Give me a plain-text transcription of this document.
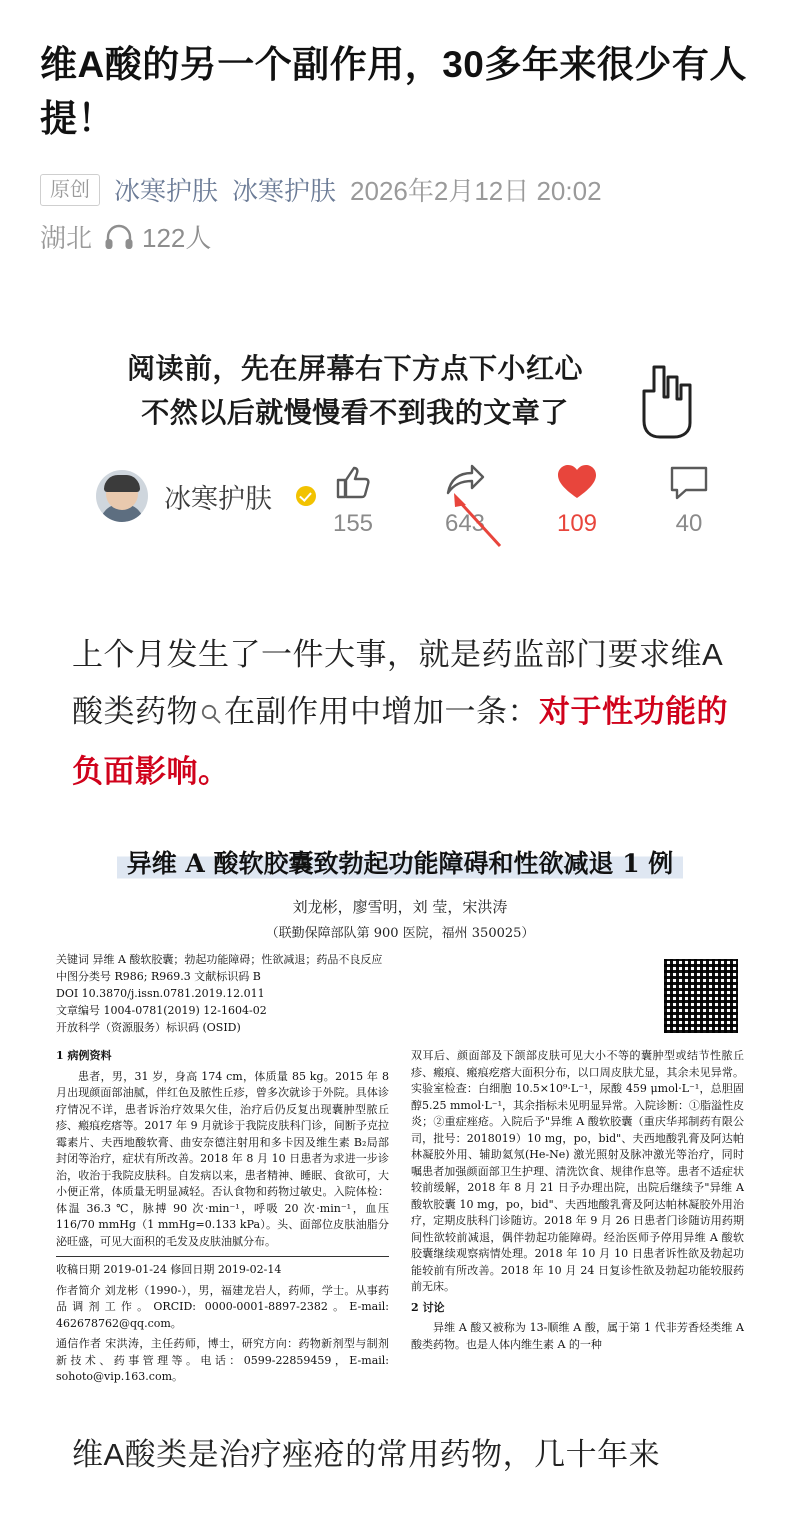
维A酸的另一个副作用，30多年来很少有人提！
原创 冰寒护肤 冰寒护肤 2026年2月12日 20:02
湖北 122人
阅读前，先在屏幕右下方点下小红心
不然以后就慢慢看不到我的文章了
冰寒护肤
155	643	109	40
上个月发生了一件大事，就是药监部门要求维A酸类药物 在副作用中增加一条：对于性功能的负面影响。
异维 A 酸软胶囊致勃起功能障碍和性欲减退 1 例
刘龙彬，廖雪明，刘 莹，宋洪涛
（联勤保障部队第 900 医院，福州 350025）
关键词 异维 A 酸软胶囊；勃起功能障碍；性欲减退；药品不良反应
中图分类号 R986; R969.3 文献标识码 B
DOI 10.3870/j.issn.0781.2019.12.011
文章编号 1004-0781(2019) 12-1604-02
开放科学（资源服务）标识码 (OSID)

1 病例资料

患者，男，31 岁，身高 174 cm，体质量 85 kg。2015 年 8 月出现颜面部油腻，伴红色及脓性丘疹，曾多次就诊于外院。具体诊疗情况不详，患者诉治疗效果欠佳，治疗后仍反复出现囊肿型脓丘疹、瘢痕疙瘩等。2017 年 9 月就诊于我院皮肤科门诊，间断予克拉霉素片、夫西地酸软膏、曲安奈德注射用和多卡因及维生素 B₂局部封闭等治疗，症状有所改善。2018 年 8 月 10 日患者为求进一步诊治，收治于我院皮肤科。自发病以来，患者精神、睡眠、食欲可，大小便正常，体质量无明显减轻。否认食物和药物过敏史。入院体检：体温 36.3 ℃，脉搏 90 次·min⁻¹，呼吸 20 次·min⁻¹，血压 116/70 mmHg（1 mmHg=0.133 kPa）。头、面部位皮肤油脂分泌旺盛，可见大面积的毛发及皮肤油腻分布。

收稿日期 2019-01-24 修回日期 2019-02-14

作者简介 刘龙彬（1990-），男，福建龙岩人，药师，学士。从事药品调剂工作。ORCID: 0000-0001-8897-2382。E-mail: 462678762@qq.com。

通信作者 宋洪涛，主任药师，博士，研究方向：药物新剂型与制剂新技术、药事管理等。电话：0599-22859459，E-mail: sohoto@vip.163.com。

双耳后、颜面部及下颌部皮肤可见大小不等的囊肿型或结节性脓丘疹、瘢痕、瘢痕疙瘩大面积分布，以口周皮肤尤显，其余未见异常。实验室检查：白细胞 10.5×10⁹·L⁻¹，尿酸 459 μmol·L⁻¹，总胆固醇5.25 mmol·L⁻¹，其余指标未见明显异常。入院诊断：①脂溢性皮炎；②重症痤疮。入院后予"异维 A 酸软胶囊（重庆华邦制药有限公司，批号：2018019）10 mg，po，bid"、夫西地酸乳膏及阿达帕林凝胶外用、辅助氦氖(He-Ne) 激光照射及脉冲激光等治疗，同时嘱患者加强颜面部卫生护理、清洗饮食、规律作息等。患者不适症状较前缓解，2018 年 8 月 21 日予办理出院，出院后继续予"异维 A 酸软胶囊 10 mg，po，bid"、夫西地酸乳膏及阿达帕林凝胶外用治疗，定期皮肤科门诊随访。2018 年 9 月 26 日患者门诊随访用药期间性欲较前减退，偶伴勃起功能障碍。经治医师予停用异维 A 酸软胶囊继续观察病情处理。2018 年 10 月 10 日患者诉性欲及勃起功能较前有所改善。2018 年 10 月 24 日复诊性欲及勃起功能较服药前无床。

2 讨论

异维 A 酸又被称为 13-顺维 A 酸，属于第 1 代非芳香烃类维 A 酸类药物。也是人体内维生素 A 的一种

维A酸类是治疗痤疮的常用药物，几十年来
